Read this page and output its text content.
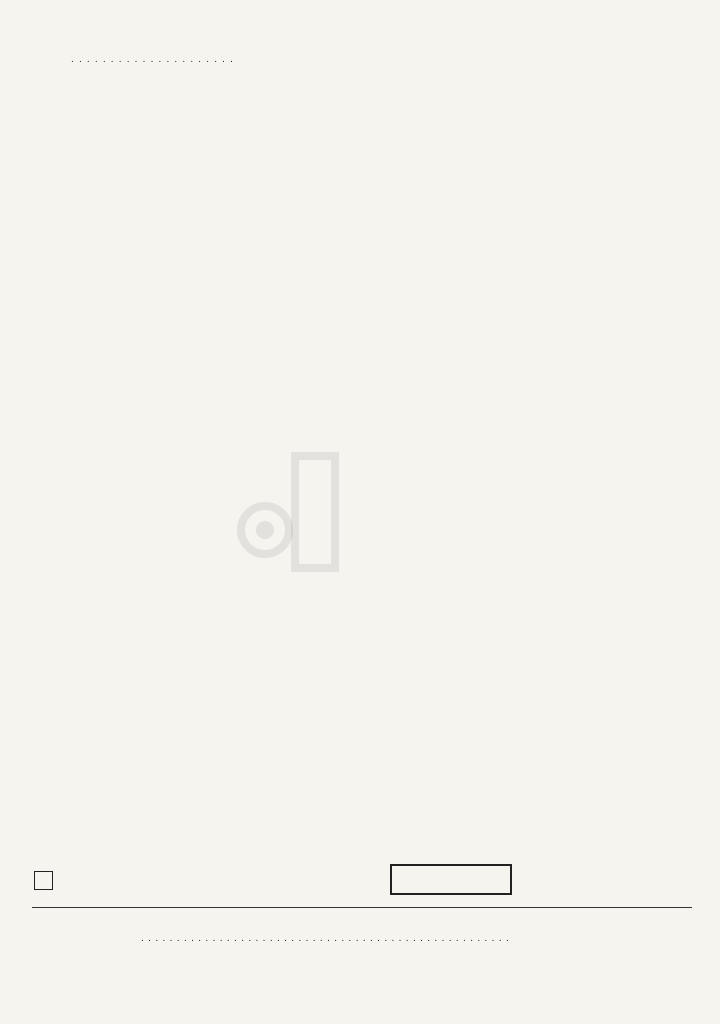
. . . . . . . . . . . . . . . . . . . . .
. . . . . . . . . . . . . . . . . . . . . . . . . . . . . . . . . . . . . . . . . . . . . . . . . . . .
